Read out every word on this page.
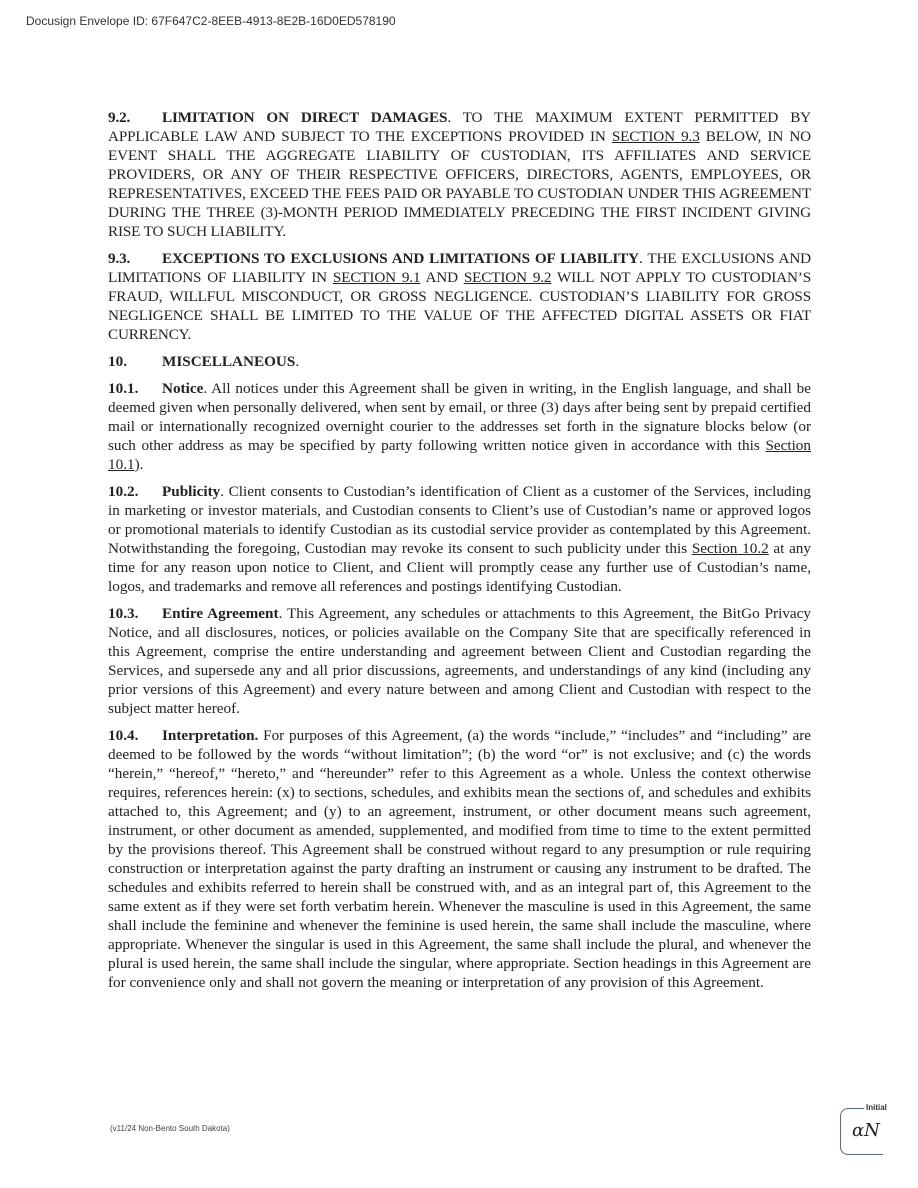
Docusign Envelope ID: 67F647C2-8EEB-4913-8E2B-16D0ED578190

9.2. LIMITATION ON DIRECT DAMAGES. TO THE MAXIMUM EXTENT PERMITTED BY APPLICABLE LAW AND SUBJECT TO THE EXCEPTIONS PROVIDED IN SECTION 9.3 BELOW, IN NO EVENT SHALL THE AGGREGATE LIABILITY OF CUSTODIAN, ITS AFFILIATES AND SERVICE PROVIDERS, OR ANY OF THEIR RESPECTIVE OFFICERS, DIRECTORS, AGENTS, EMPLOYEES, OR REPRESENTATIVES, EXCEED THE FEES PAID OR PAYABLE TO CUSTODIAN UNDER THIS AGREEMENT DURING THE THREE (3)-MONTH PERIOD IMMEDIATELY PRECEDING THE FIRST INCIDENT GIVING RISE TO SUCH LIABILITY.

9.3. EXCEPTIONS TO EXCLUSIONS AND LIMITATIONS OF LIABILITY. THE EXCLUSIONS AND LIMITATIONS OF LIABILITY IN SECTION 9.1 AND SECTION 9.2 WILL NOT APPLY TO CUSTODIAN’S FRAUD, WILLFUL MISCONDUCT, OR GROSS NEGLIGENCE. CUSTODIAN’S LIABILITY FOR GROSS NEGLIGENCE SHALL BE LIMITED TO THE VALUE OF THE AFFECTED DIGITAL ASSETS OR FIAT CURRENCY.

10. MISCELLANEOUS.

10.1. Notice. All notices under this Agreement shall be given in writing, in the English language, and shall be deemed given when personally delivered, when sent by email, or three (3) days after being sent by prepaid certified mail or internationally recognized overnight courier to the addresses set forth in the signature blocks below (or such other address as may be specified by party following written notice given in accordance with this Section 10.1).

10.2. Publicity. Client consents to Custodian’s identification of Client as a customer of the Services, including in marketing or investor materials, and Custodian consents to Client’s use of Custodian’s name or approved logos or promotional materials to identify Custodian as its custodial service provider as contemplated by this Agreement. Notwithstanding the foregoing, Custodian may revoke its consent to such publicity under this Section 10.2 at any time for any reason upon notice to Client, and Client will promptly cease any further use of Custodian’s name, logos, and trademarks and remove all references and postings identifying Custodian.

10.3. Entire Agreement. This Agreement, any schedules or attachments to this Agreement, the BitGo Privacy Notice, and all disclosures, notices, or policies available on the Company Site that are specifically referenced in this Agreement, comprise the entire understanding and agreement between Client and Custodian regarding the Services, and supersede any and all prior discussions, agreements, and understandings of any kind (including any prior versions of this Agreement) and every nature between and among Client and Custodian with respect to the subject matter hereof.

10.4. Interpretation. For purposes of this Agreement, (a) the words “include,” “includes” and “including” are deemed to be followed by the words “without limitation”; (b) the word “or” is not exclusive; and (c) the words “herein,” “hereof,” “hereto,” and “hereunder” refer to this Agreement as a whole. Unless the context otherwise requires, references herein: (x) to sections, schedules, and exhibits mean the sections of, and schedules and exhibits attached to, this Agreement; and (y) to an agreement, instrument, or other document means such agreement, instrument, or other document as amended, supplemented, and modified from time to time to the extent permitted by the provisions thereof. This Agreement shall be construed without regard to any presumption or rule requiring construction or interpretation against the party drafting an instrument or causing any instrument to be drafted. The schedules and exhibits referred to herein shall be construed with, and as an integral part of, this Agreement to the same extent as if they were set forth verbatim herein. Whenever the masculine is used in this Agreement, the same shall include the feminine and whenever the feminine is used herein, the same shall include the masculine, where appropriate. Whenever the singular is used in this Agreement, the same shall include the plural, and whenever the plural is used herein, the same shall include the singular, where appropriate. Section headings in this Agreement are for convenience only and shall not govern the meaning or interpretation of any provision of this Agreement.

(v11/24 Non-Bento South Dakota)
Initial
ɑN
